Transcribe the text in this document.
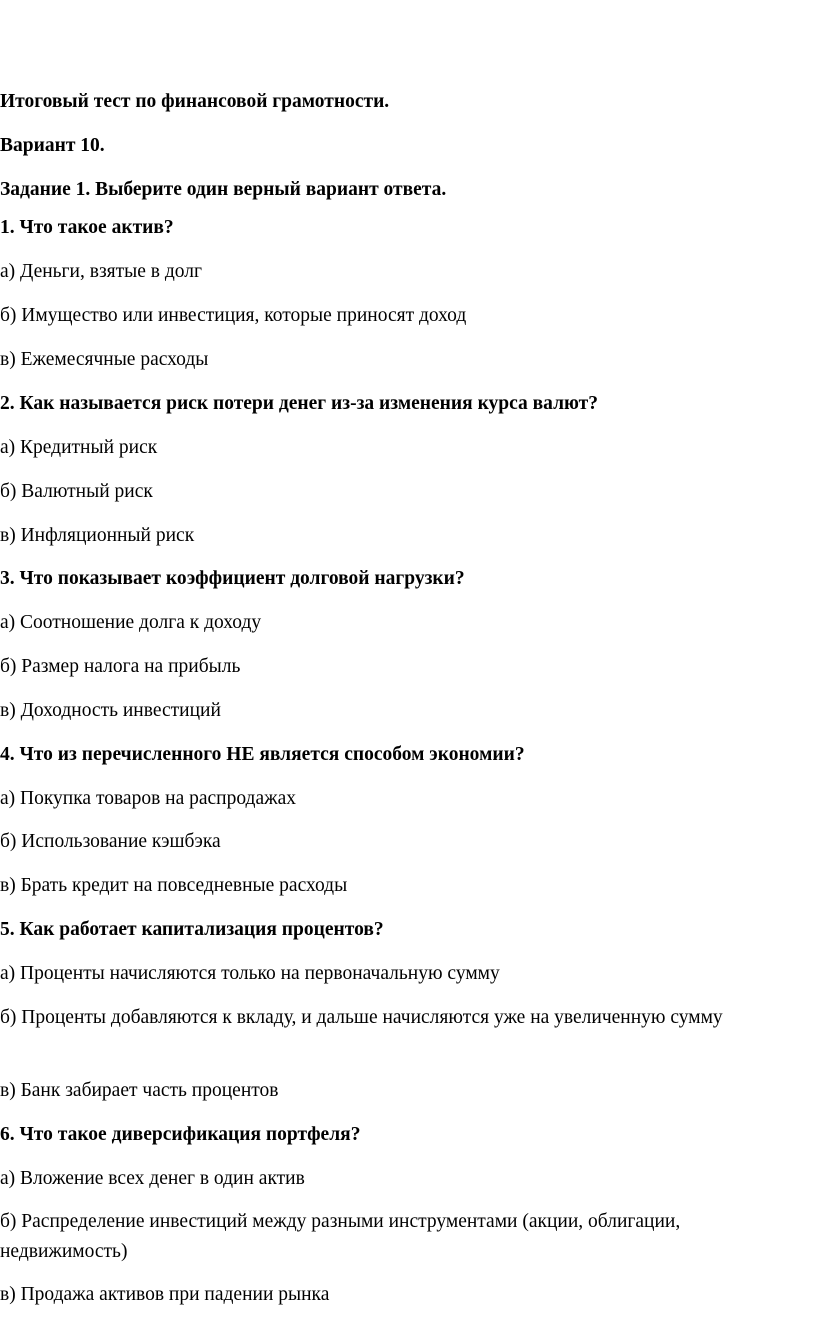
Итоговый тест по финансовой грамотности.

Вариант 10.

Задание 1. Выберите один верный вариант ответа.

1. Что такое актив?

а) Деньги, взятые в долг

б) Имущество или инвестиция, которые приносят доход

в) Ежемесячные расходы

2. Как называется риск потери денег из-за изменения курса валют?

а) Кредитный риск

б) Валютный риск

в) Инфляционный риск

3. Что показывает коэффициент долговой нагрузки?

а) Соотношение долга к доходу

б) Размер налога на прибыль

в) Доходность инвестиций

4. Что из перечисленного НЕ является способом экономии?

а) Покупка товаров на распродажах

б) Использование кэшбэка

в) Брать кредит на повседневные расходы

5. Как работает капитализация процентов?

а) Проценты начисляются только на первоначальную сумму

б) Проценты добавляются к вкладу, и дальше начисляются уже на увеличенную сумму

в) Банк забирает часть процентов

6. Что такое диверсификация портфеля?

а) Вложение всех денег в один актив

б) Распределение инвестиций между разными инструментами (акции, облигации, недвижимость)

в) Продажа активов при падении рынка
